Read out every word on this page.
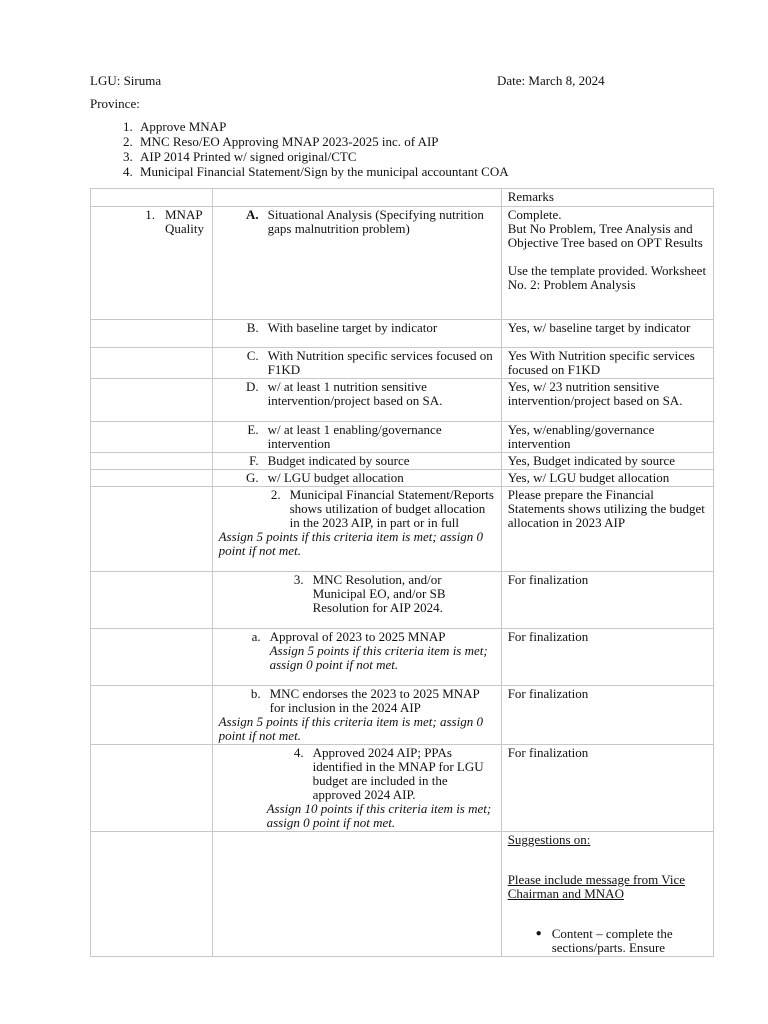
LGU: Siruma	Date: March 8, 2024
Province:
1. Approve MNAP
2. MNC Reso/EO Approving MNAP 2023-2025 inc. of AIP
3. AIP 2014 Printed w/ signed original/CTC
4. Municipal Financial Statement/Sign by the municipal accountant COA
		Remarks

1. MNAP Quality	A. Situational Analysis (Specifying nutrition gaps malnutrition problem)	Complete.
But No Problem, Tree Analysis and Objective Tree based on OPT Results

Use the template provided. Worksheet No. 2: Problem Analysis

	B. With baseline target by indicator	Yes, w/ baseline target by indicator

	C. With Nutrition specific services focused on F1KD	Yes With Nutrition specific services focused on F1KD

	D. w/ at least 1 nutrition sensitive intervention/project based on SA.	Yes, w/ 23 nutrition sensitive intervention/project based on SA.

	E. w/ at least 1 enabling/governance intervention	Yes, w/enabling/governance intervention

	F. Budget indicated by source	Yes, Budget indicated by source

	G. w/ LGU budget allocation	Yes, w/ LGU budget allocation

	2. Municipal Financial Statement/Reports shows utilization of budget allocation in the 2023 AIP, in part or in full
Assign 5 points if this criteria item is met; assign 0 point if not met.	Please prepare the Financial Statements shows utilizing the budget allocation in 2023 AIP

	3. MNC Resolution, and/or Municipal EO, and/or SB Resolution for AIP 2024.	For finalization

	a. Approval of 2023 to 2025 MNAP
Assign 5 points if this criteria item is met; assign 0 point if not met.	For finalization

	b. MNC endorses the 2023 to 2025 MNAP for inclusion in the 2024 AIP
Assign 5 points if this criteria item is met; assign 0 point if not met.	For finalization

	4. Approved 2024 AIP; PPAs identified in the MNAP for LGU budget are included in the approved 2024 AIP.
Assign 10 points if this criteria item is met; assign 0 point if not met.	For finalization

		Suggestions on:
Please include message from Vice Chairman and MNAO
● Content – complete the sections/parts. Ensure
